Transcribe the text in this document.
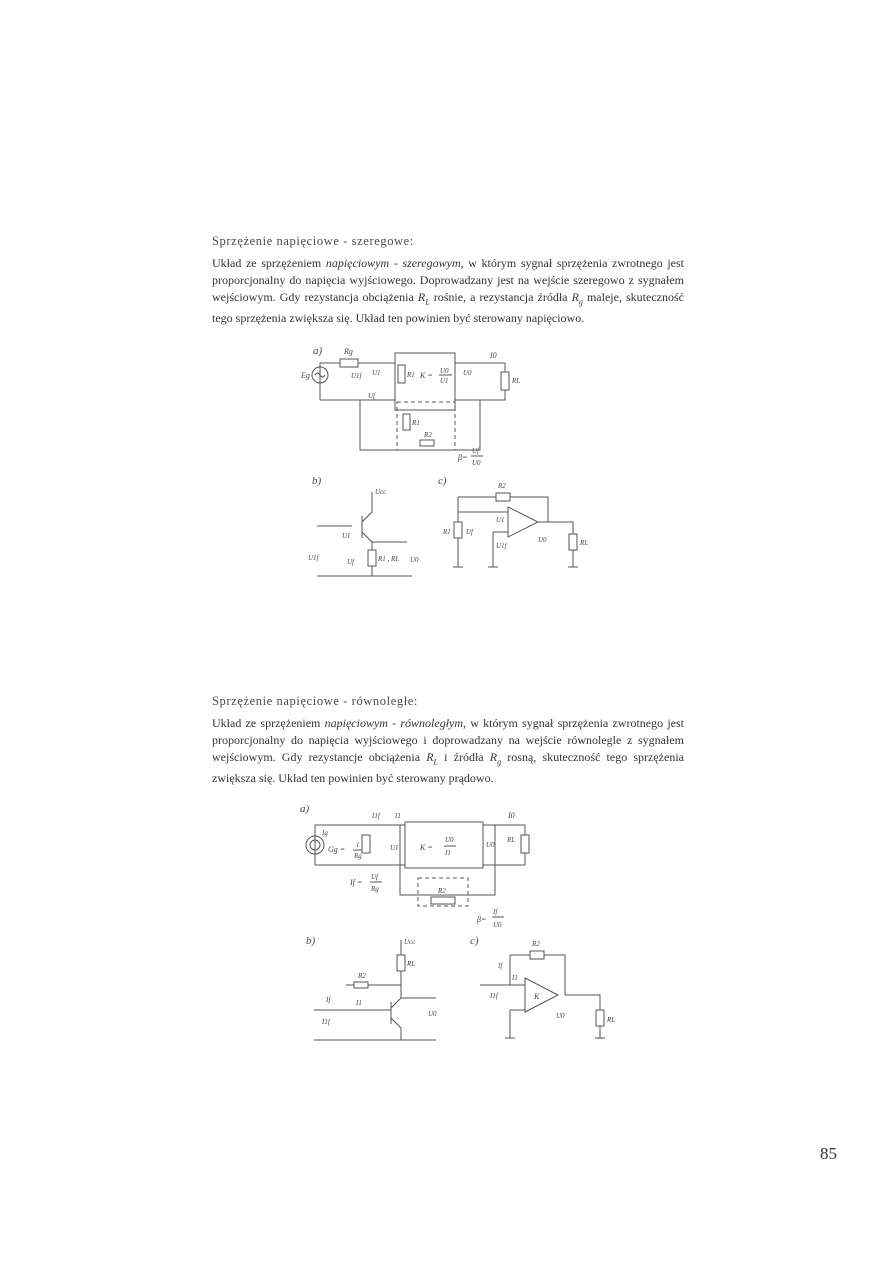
Sprzężenie napięciowe - szeregowe:
Układ ze sprzężeniem napięciowym - szeregowym, w którym sygnał sprzężenia zwrotnego jest proporcjonalny do napięcia wyjściowego. Doprowadzany jest na wejście szeregowo z sygnałem wejściowym. Gdy rezystancja obciążenia $R_L$ rośnie, a rezystancja źródła $R_g$ maleje, skuteczność tego sprzężenia zwiększa się. Układ ten powinien być sterowany napięciowo.
a)	Rg
Eg	U1f U1
Uf
R1 K = U0
U1
U0
I0
RL
R1
R2
β=
Uf
U0
b)
Ucc
U1
U1f	Uf	R1 , RL U0
c)	R2
R1 Uf
U1
U1f
U0	RL
Sprzężenie napięciowe - równoległe:
Układ ze sprzężeniem napięciowym - równoległym, w którym sygnał sprzężenia zwrotnego jest proporcjonalny do napięcia wyjściowego i doprowadzany na wejście równolegle z sygnałem wejściowym. Gdy rezystancje obciążenia $R_L$ i źródła $R_g$ rosną, skuteczność tego sprzężenia zwiększa się. Układ ten powinien być sterowany prądowo.
a)
Ig
Gg = 1
Rg
I1f I1
U1	K =
U0
I1
U0
I0
RL
R2
If =
Uf
Rg
β=
If
U0
b)	Ucc
RL
R2
If	I1
I1f
U0
c)	R2
K
If
I1
I1f
U0	RL
85
